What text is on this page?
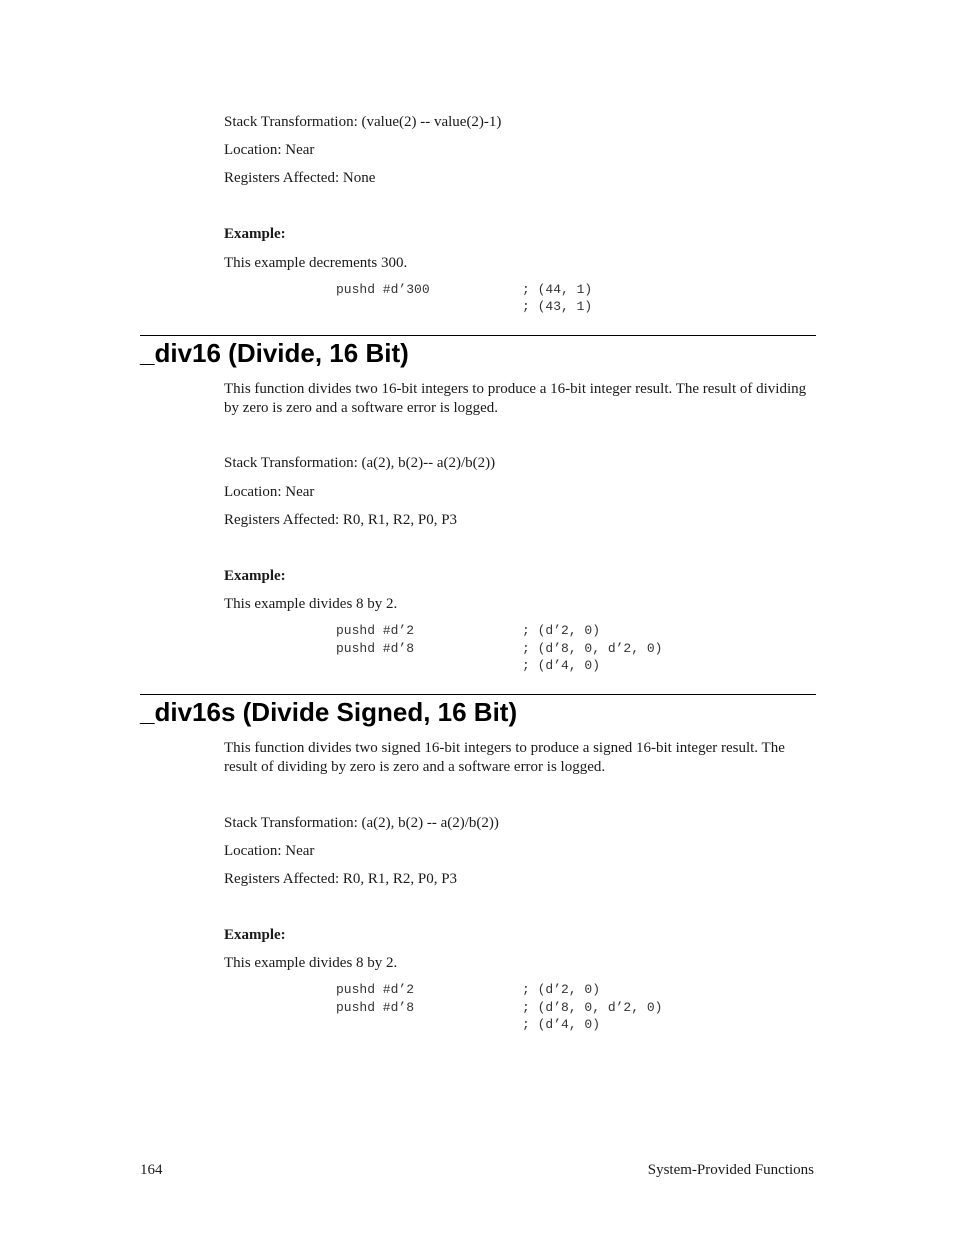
Stack Transformation: (value(2) -- value(2)-1)
Location: Near
Registers Affected: None
Example:
This example decrements 300.
pushd #d’300	; (44, 1)
; (43, 1)
_div16 (Divide, 16 Bit)
This function divides two 16-bit integers to produce a 16-bit integer result. The result of dividing by zero is zero and a software error is logged.
Stack Transformation: (a(2), b(2)-- a(2)/b(2))
Location: Near
Registers Affected: R0, R1, R2, P0, P3
Example:
This example divides 8 by 2.
pushd #d’2	; (d’2, 0)
pushd #d’8	; (d’8, 0, d’2, 0)
; (d’4, 0)
_div16s (Divide Signed, 16 Bit)
This function divides two signed 16-bit integers to produce a signed 16-bit integer result. The result of dividing by zero is zero and a software error is logged.
Stack Transformation: (a(2), b(2) -- a(2)/b(2))
Location: Near
Registers Affected: R0, R1, R2, P0, P3
Example:
This example divides 8 by 2.
pushd #d’2	; (d’2, 0)
pushd #d’8	; (d’8, 0, d’2, 0)
; (d’4, 0)
164	System-Provided Functions
